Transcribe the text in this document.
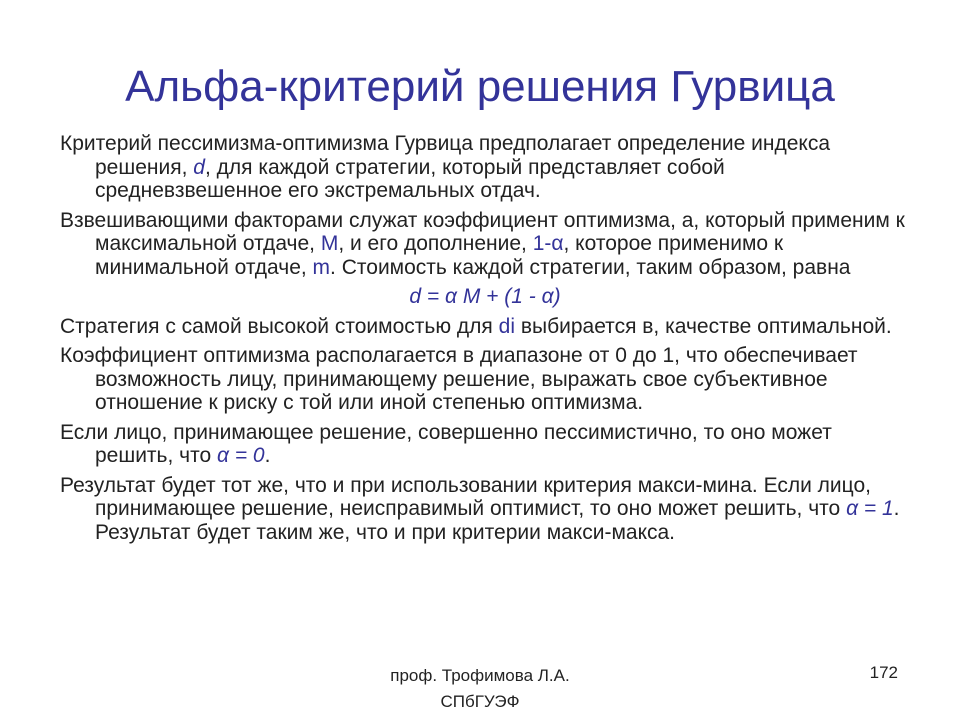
Альфа-критерий решения Гурвица
Критерий пессимизма-оптимизма Гурвица предполагает определение индекса решения, d, для каждой стратегии, который представляет собой средневзвешенное его экстремальных отдач.
Взвешивающими факторами служат коэффициент оптимизма, а, который применим к максимальной отдаче, М, и его дополнение, 1-α, которое применимо к минимальной отдаче, m. Стоимость каждой стратегии, таким образом, равна
d = α M + (1 - α)
Стратегия с самой высокой стоимостью для di выбирается в, качестве оптимальной.
Коэффициент оптимизма располагается в диапазоне от 0 до 1, что обеспечивает возможность лицу, принимающему решение, выражать свое субъективное отношение к риску с той или иной степенью оптимизма.
Если лицо, принимающее решение, совершенно пессимистично, то оно может решить, что α = 0.
Результат будет тот же, что и при использовании критерия макси-мина. Если лицо, принимающее решение, неисправимый оптимист, то оно может решить, что α = 1. Результат будет таким же, что и при критерии макси-макса.
проф. Трофимова Л.А.
СПбГУЭФ
172
